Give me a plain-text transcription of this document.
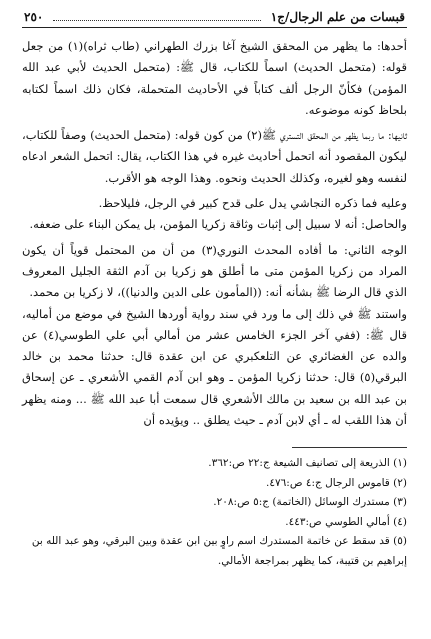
قبسات من علم الرجال/ج١
٢٥٠

أحدها: ما يظهر من المحقق الشيخ آغا بزرك الطهراني (طاب ثراه)(١) من جعل قوله: (متحمل الحديث) اسماً للكتاب، قال ﷺ: (متحمل الحديث لأبي عبد الله المؤمن) فكأنّ الرجل ألف كتاباً في الأحاديث المتحملة، فكان ذلك اسماً لكتابه بلحاظ كونه موضوعه.

ثانيها: ما ربما يظهر من المحقق التستري ﷺ(٢) من كون قوله: (متحمل الحديث) وصفاً للكتاب، ليكون المقصود أنه اتحمل أحاديث غيره في هذا الكتاب، يقال: اتحمل الشعر ادعاه لنفسه وهو لغيره، وكذلك الحديث ونحوه. وهذا الوجه هو الأقرب.

وعليه فما ذكره النجاشي يدل على قدح كبير في الرجل، فليلاحظ.

والحاصل: أنه لا سبيل إلى إثبات وثاقة زكريا المؤمن، بل يمكن البناء على ضعفه.

الوجه الثاني: ما أفاده المحدث النوري(٣) من أن من المحتمل قوياً أن يكون المراد من زكريا المؤمن متى ما أطلق هو زكريا بن آدم الثقة الجليل المعروف الذي قال الرضا ﷺ بشأنه أنه: ((المأمون على الدين والدنيا))، لا زكريا بن محمد.

واستند ﷺ في ذلك إلى ما ورد في سند رواية أوردها الشيخ في موضع من أماليه، قال ﷺ: (ففي آخر الجزء الخامس عشر من أمالي أبي علي الطوسي(٤) عن والده عن الغضائري عن التلعكبري عن ابن عقدة قال: حدثنا محمد بن خالد البرقي(٥) قال: حدثنا زكريا المؤمن ـ وهو ابن آدم القمي الأشعري ـ عن إسحاق بن عبد الله بن سعيد بن مالك الأشعري قال سمعت أبا عبد الله ﷺ ... ومنه يظهر أن هذا اللقب له ـ أي لابن آدم ـ حيث يطلق .. ويؤيده أن

(١) الذريعة إلى تصانيف الشيعة ج:٢٢ ص:٣٦٢.

(٢) قاموس الرجال ج:٤ ص:٤٧٦.

(٣) مستدرك الوسائل (الخاتمة) ج:٥ ص:٢٠٨.

(٤) أمالي الطوسي ص:٤٤٣.

(٥) قد سقط عن خاتمة المستدرك اسم راوٍ بين ابن عقدة وبين البرقي، وهو عبد الله بن إبراهيم بن قتيبة، كما يظهر بمراجعة الأمالي.
